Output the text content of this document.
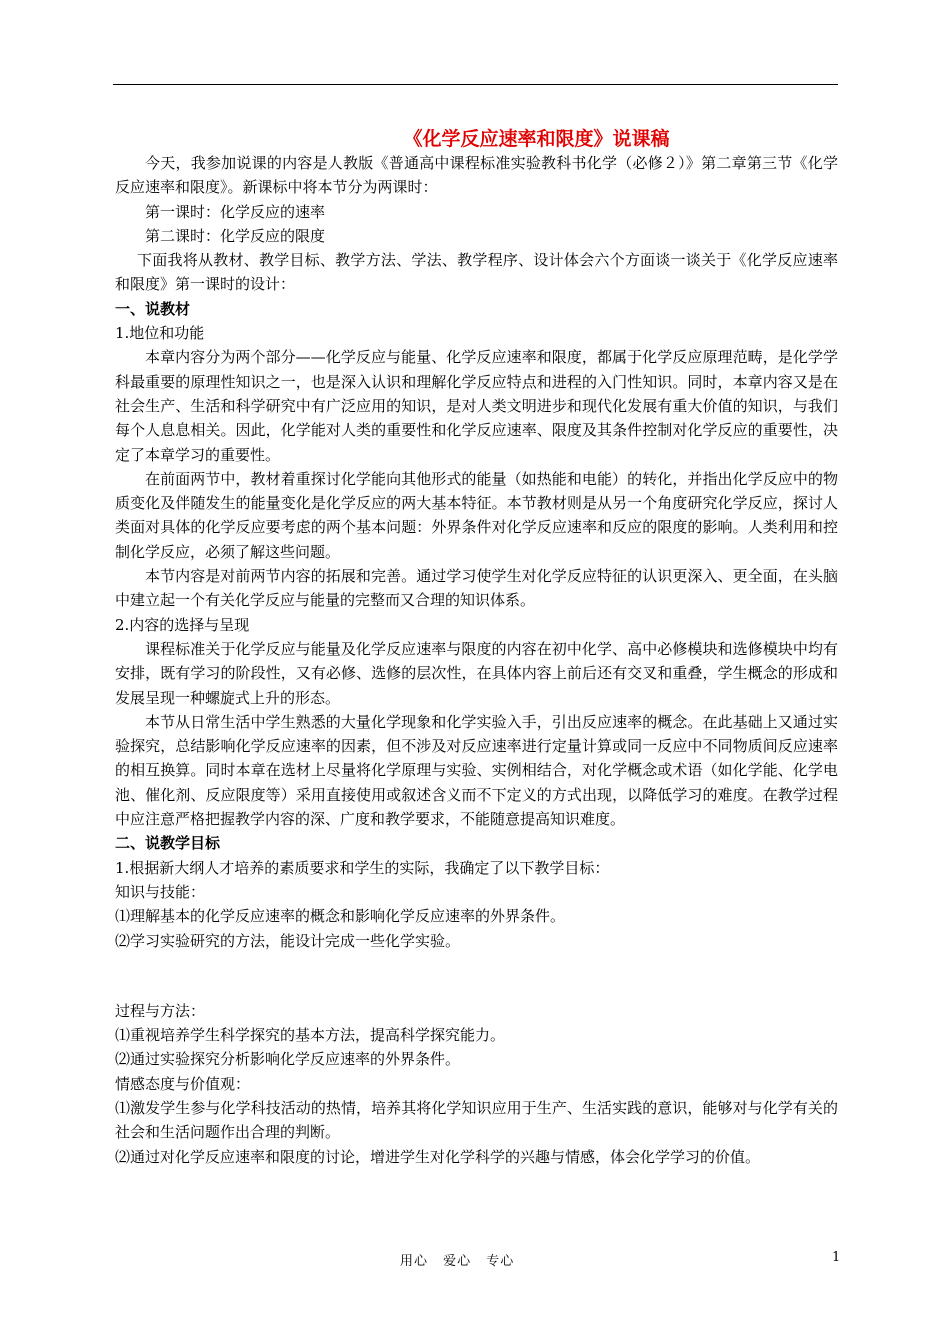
《化学反应速率和限度》说课稿

今天，我参加说课的内容是人教版《普通高中课程标准实验教科书化学（必修２）》第二章第三节《化学反应速率和限度》。新课标中将本节分为两课时：

第一课时：化学反应的速率

第二课时：化学反应的限度

下面我将从教材、教学目标、教学方法、学法、教学程序、设计体会六个方面谈一谈关于《化学反应速率和限度》第一课时的设计：

一、说教材

1.地位和功能

本章内容分为两个部分——化学反应与能量、化学反应速率和限度，都属于化学反应原理范畴，是化学学科最重要的原理性知识之一，也是深入认识和理解化学反应特点和进程的入门性知识。同时，本章内容又是在社会生产、生活和科学研究中有广泛应用的知识，是对人类文明进步和现代化发展有重大价值的知识，与我们每个人息息相关。因此，化学能对人类的重要性和化学反应速率、限度及其条件控制对化学反应的重要性，决定了本章学习的重要性。

在前面两节中，教材着重探讨化学能向其他形式的能量（如热能和电能）的转化，并指出化学反应中的物质变化及伴随发生的能量变化是化学反应的两大基本特征。本节教材则是从另一个角度研究化学反应，探讨人类面对具体的化学反应要考虑的两个基本问题：外界条件对化学反应速率和反应的限度的影响。人类利用和控制化学反应，必须了解这些问题。

本节内容是对前两节内容的拓展和完善。通过学习使学生对化学反应特征的认识更深入、更全面，在头脑中建立起一个有关化学反应与能量的完整而又合理的知识体系。

2.内容的选择与呈现

课程标准关于化学反应与能量及化学反应速率与限度的内容在初中化学、高中必修模块和选修模块中均有安排，既有学习的阶段性，又有必修、选修的层次性，在具体内容上前后还有交叉和重叠，学生概念的形成和发展呈现一种螺旋式上升的形态。

本节从日常生活中学生熟悉的大量化学现象和化学实验入手，引出反应速率的概念。在此基础上又通过实验探究，总结影响化学反应速率的因素，但不涉及对反应速率进行定量计算或同一反应中不同物质间反应速率的相互换算。同时本章在选材上尽量将化学原理与实验、实例相结合，对化学概念或术语（如化学能、化学电池、催化剂、反应限度等）采用直接使用或叙述含义而不下定义的方式出现，以降低学习的难度。在教学过程中应注意严格把握教学内容的深、广度和教学要求，不能随意提高知识难度。

二、说教学目标

1.根据新大纲人才培养的素质要求和学生的实际，我确定了以下教学目标：

知识与技能：

⑴理解基本的化学反应速率的概念和影响化学反应速率的外界条件。

⑵学习实验研究的方法，能设计完成一些化学实验。

过程与方法：

⑴重视培养学生科学探究的基本方法，提高科学探究能力。

⑵通过实验探究分析影响化学反应速率的外界条件。

情感态度与价值观：

⑴激发学生参与化学科技活动的热情，培养其将化学知识应用于生产、生活实践的意识，能够对与化学有关的社会和生活问题作出合理的判断。

⑵通过对化学反应速率和限度的讨论，增进学生对化学科学的兴趣与情感，体会化学学习的价值。

用心 爱心 专心	1
